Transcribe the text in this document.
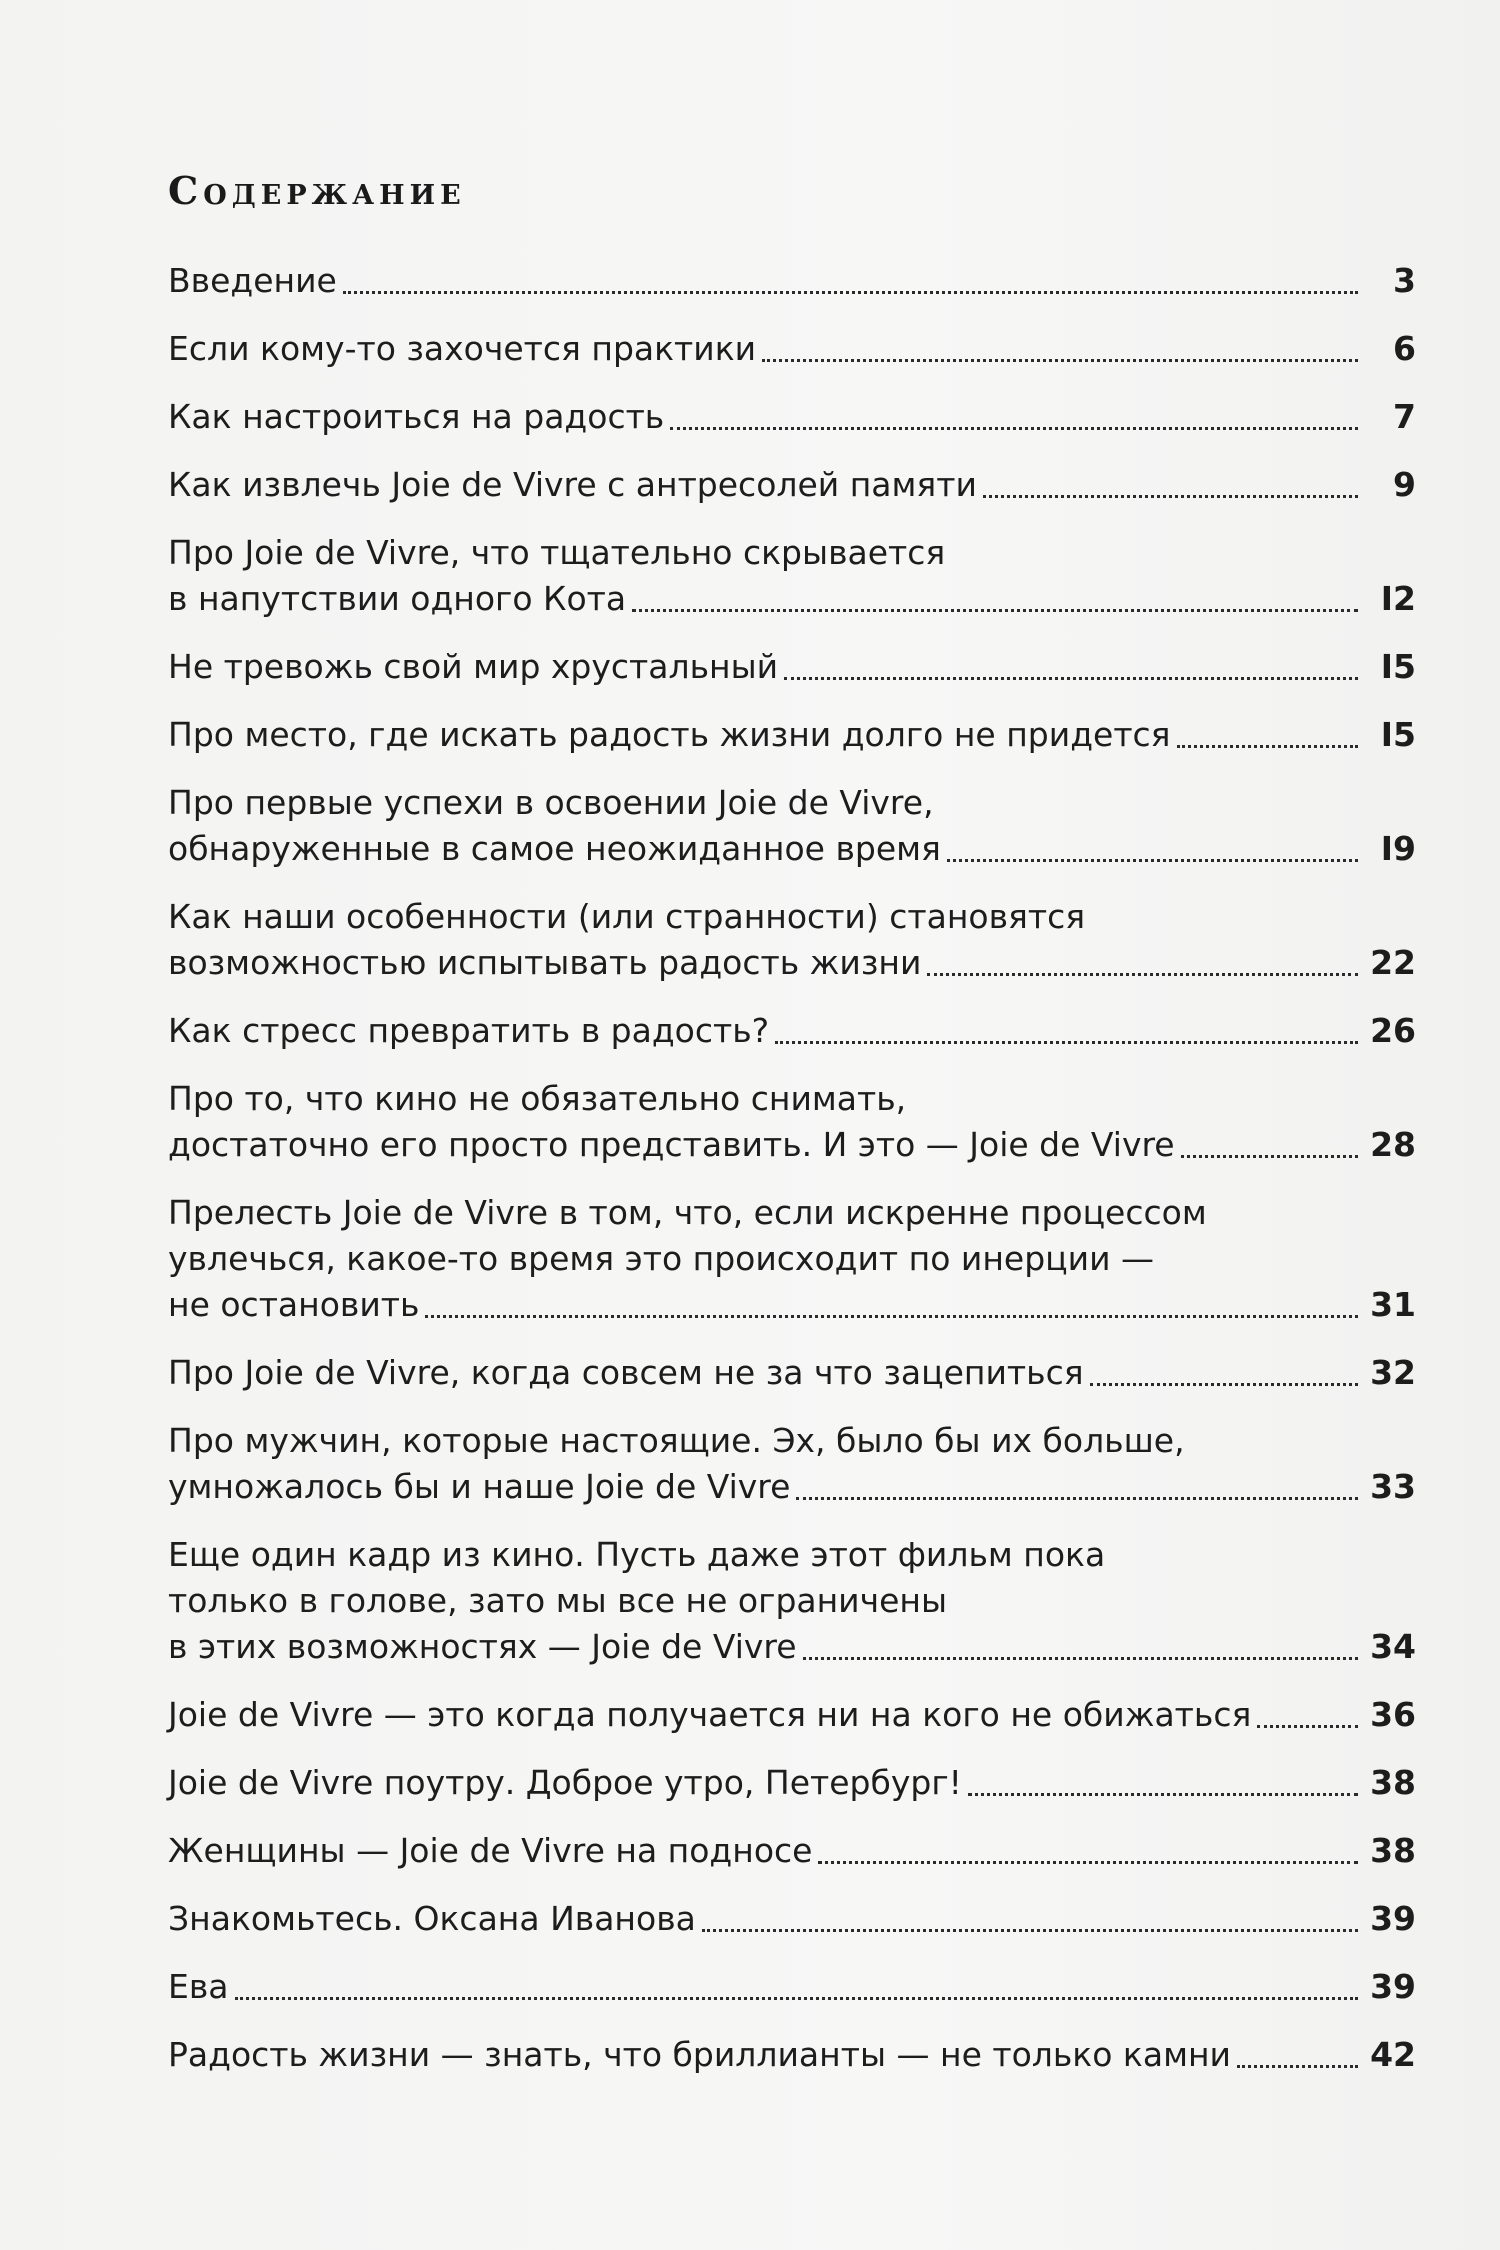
Содержание
Введение	3
Если кому-то захочется практики	6
Как настроиться на радость	7
Как извлечь Joie de Vivre с антресолей памяти	9
Про Joie de Vivre, что тщательно скрывается
в напутствии одного Кота	I2
Не тревожь свой мир хрустальный	I5
Про место, где искать радость жизни долго не придется	I5
Про первые успехи в освоении Joie de Vivre,
обнаруженные в самое неожиданное время	I9
Как наши особенности (или странности) становятся
возможностью испытывать радость жизни	22
Как стресс превратить в радость?	26
Про то, что кино не обязательно снимать,
достаточно его просто представить. И это — Joie de Vivre	28
Прелесть Joie de Vivre в том, что, если искренне процессом
увлечься, какое-то время это происходит по инерции —
не остановить	31
Про Joie de Vivre, когда совсем не за что зацепиться	32
Про мужчин, которые настоящие. Эх, было бы их больше,
умножалось бы и наше Joie de Vivre	33
Еще один кадр из кино. Пусть даже этот фильм пока
только в голове, зато мы все не ограничены
в этих возможностях — Joie de Vivre	34
Joie de Vivre — это когда получается ни на кого не обижаться	36
Joie de Vivre поутру. Доброе утро, Петербург!	38
Женщины — Joie de Vivre на подносе	38
Знакомьтесь. Оксана Иванова	39
Ева	39
Радость жизни — знать, что бриллианты — не только камни	42
